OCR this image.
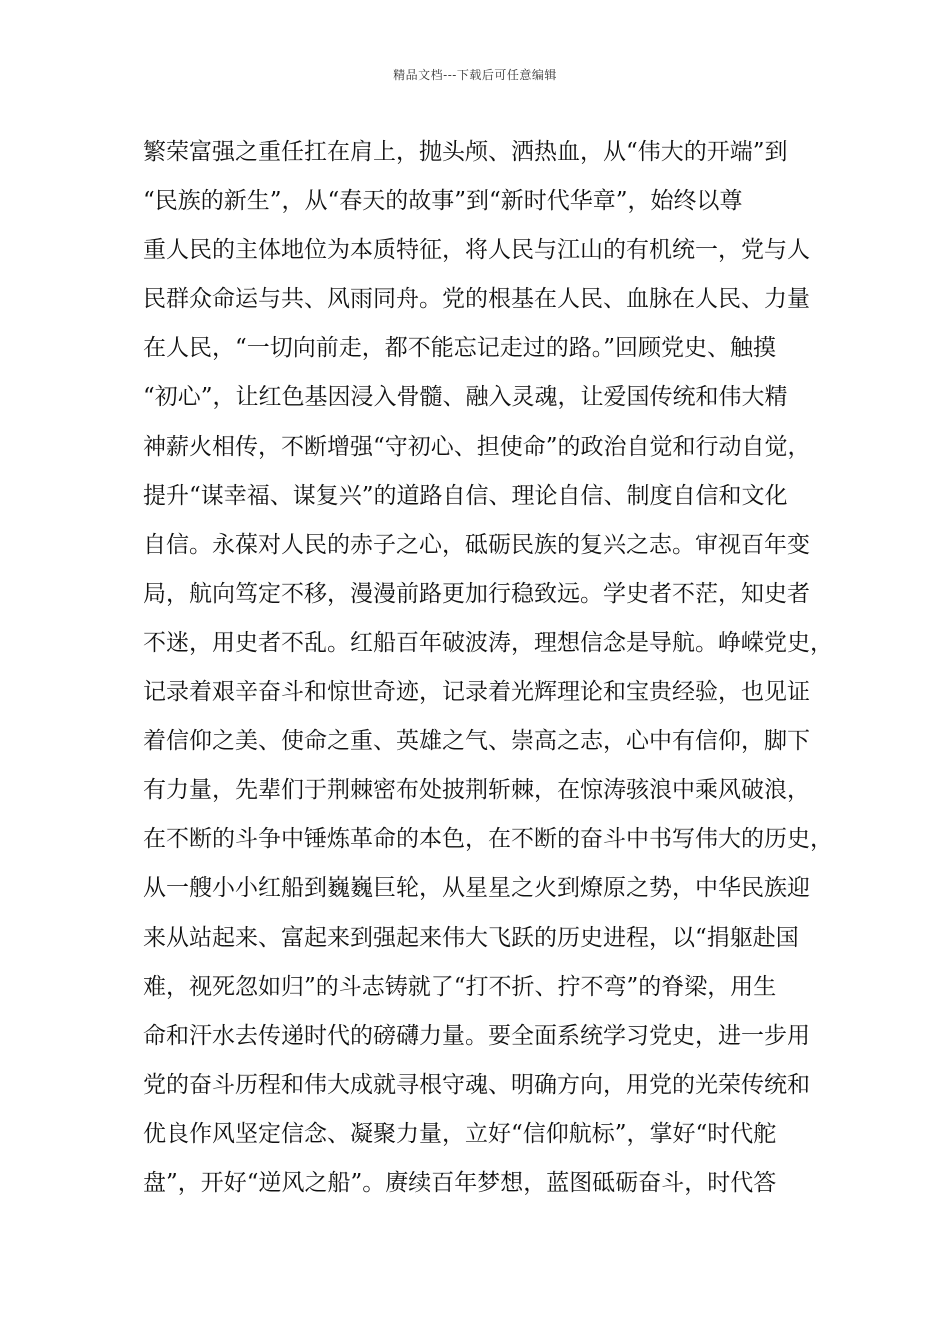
精品文档---下载后可任意编辑
繁荣富强之重任扛在肩上，抛头颅、洒热血，从“伟大的开端”到
“民族的新生”，从“春天的故事”到“新时代华章”，始终以尊
重人民的主体地位为本质特征，将人民与江山的有机统一，党与人
民群众命运与共、风雨同舟。党的根基在人民、血脉在人民、力量
在人民，“一切向前走，都不能忘记走过的路。”回顾党史、触摸
“初心”，让红色基因浸入骨髓、融入灵魂，让爱国传统和伟大精
神薪火相传，不断增强“守初心、担使命”的政治自觉和行动自觉，
提升“谋幸福、谋复兴”的道路自信、理论自信、制度自信和文化
自信。永葆对人民的赤子之心，砥砺民族的复兴之志。审视百年变
局，航向笃定不移，漫漫前路更加行稳致远。学史者不茫，知史者
不迷，用史者不乱。红船百年破波涛，理想信念是导航。峥嵘党史，
记录着艰辛奋斗和惊世奇迹，记录着光辉理论和宝贵经验，也见证
着信仰之美、使命之重、英雄之气、崇高之志，心中有信仰，脚下
有力量，先辈们于荆棘密布处披荆斩棘，在惊涛骇浪中乘风破浪，
在不断的斗争中锤炼革命的本色，在不断的奋斗中书写伟大的历史，
从一艘小小红船到巍巍巨轮，从星星之火到燎原之势，中华民族迎
来从站起来、富起来到强起来伟大飞跃的历史进程，以“捐躯赴国
难，视死忽如归”的斗志铸就了“打不折、拧不弯”的脊梁，用生
命和汗水去传递时代的磅礴力量。要全面系统学习党史，进一步用
党的奋斗历程和伟大成就寻根守魂、明确方向，用党的光荣传统和
优良作风坚定信念、凝聚力量，立好“信仰航标”，掌好“时代舵
盘”，开好“逆风之船”。赓续百年梦想，蓝图砥砺奋斗，时代答
